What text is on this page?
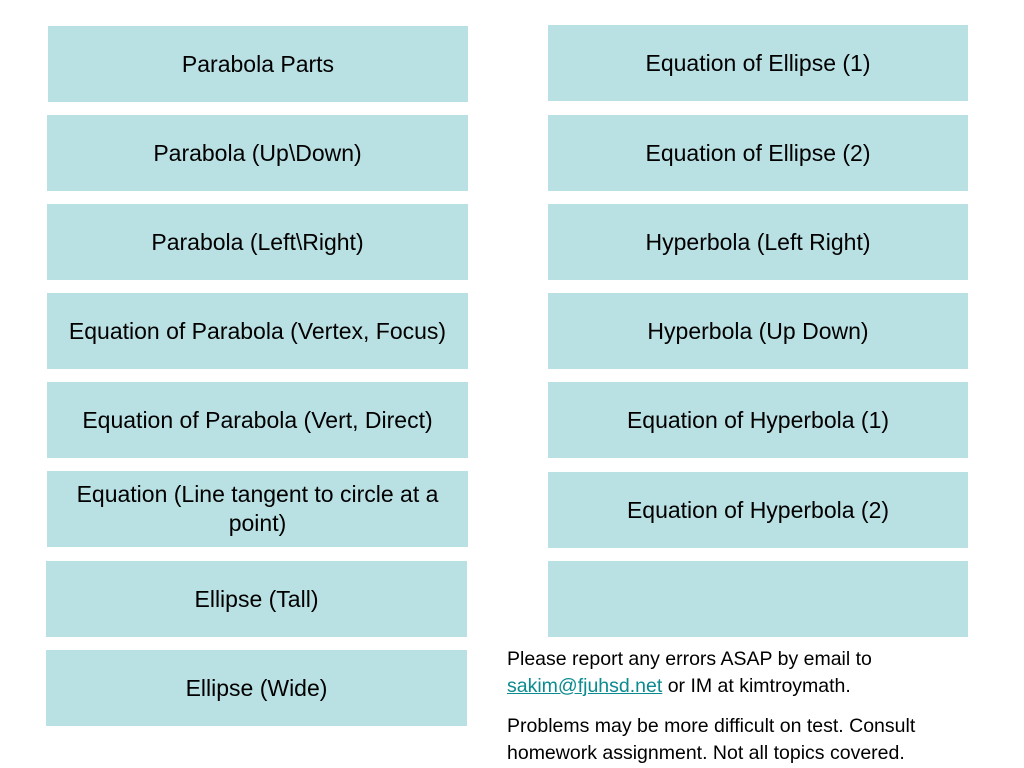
Parabola Parts
Parabola (Up\Down)
Parabola (Left\Right)
Equation of Parabola (Vertex, Focus)
Equation of Parabola (Vert, Direct)
Equation (Line tangent to circle at a point)
Ellipse (Tall)
Ellipse (Wide)
Equation of Ellipse (1)
Equation of Ellipse (2)
Hyperbola (Left Right)
Hyperbola (Up Down)
Equation of Hyperbola (1)
Equation of Hyperbola (2)
Please report any errors ASAP by email to
sakim@fjuhsd.net or IM at kimtroymath.
Problems may be more difficult on test. Consult homework assignment. Not all topics covered.
